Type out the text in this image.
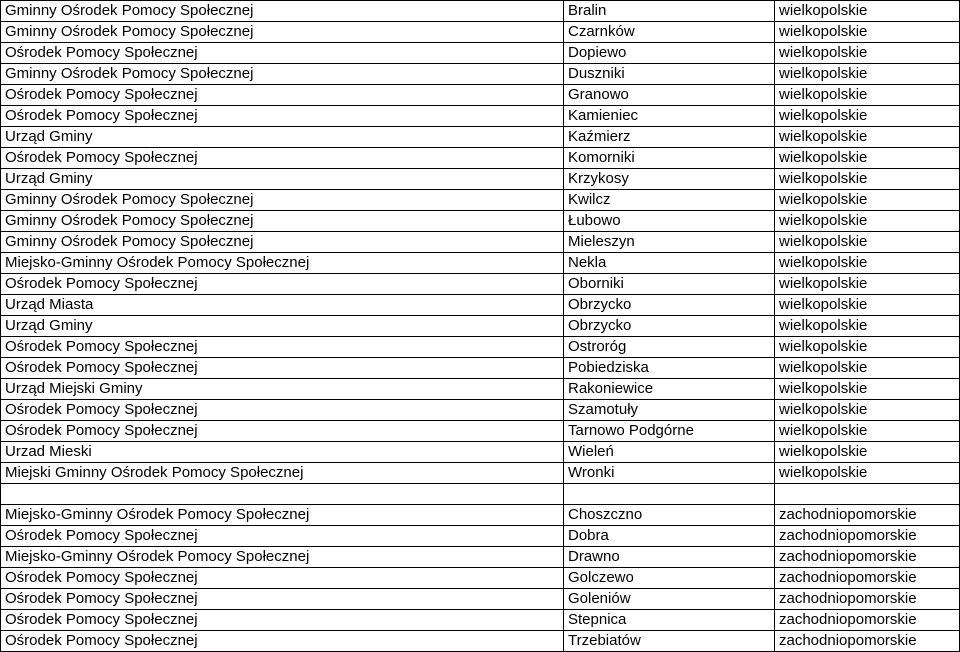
Gminny Ośrodek Pomocy Społecznej	Bralin	wielkopolskie
Gminny Ośrodek Pomocy Społecznej	Czarnków	wielkopolskie
Ośrodek Pomocy Społecznej	Dopiewo	wielkopolskie
Gminny Ośrodek Pomocy Społecznej	Duszniki	wielkopolskie
Ośrodek Pomocy Społecznej	Granowo	wielkopolskie
Ośrodek Pomocy Społecznej	Kamieniec	wielkopolskie
Urząd Gminy	Kaźmierz	wielkopolskie
Ośrodek Pomocy Społecznej	Komorniki	wielkopolskie
Urząd Gminy	Krzykosy	wielkopolskie
Gminny Ośrodek Pomocy Społecznej	Kwilcz	wielkopolskie
Gminny Ośrodek Pomocy Społecznej	Łubowo	wielkopolskie
Gminny Ośrodek Pomocy Społecznej	Mieleszyn	wielkopolskie
Miejsko-Gminny Ośrodek Pomocy Społecznej	Nekla	wielkopolskie
Ośrodek Pomocy Społecznej	Oborniki	wielkopolskie
Urząd Miasta	Obrzycko	wielkopolskie
Urząd Gminy	Obrzycko	wielkopolskie
Ośrodek Pomocy Społecznej	Ostroróg	wielkopolskie
Ośrodek Pomocy Społecznej	Pobiedziska	wielkopolskie
Urząd Miejski Gminy	Rakoniewice	wielkopolskie
Ośrodek Pomocy Społecznej	Szamotuły	wielkopolskie
Ośrodek Pomocy Społecznej	Tarnowo Podgórne	wielkopolskie
Urzad Mieski	Wieleń	wielkopolskie
Miejski Gminny Ośrodek Pomocy Społecznej	Wronki	wielkopolskie

Miejsko-Gminny Ośrodek Pomocy Społecznej	Choszczno	zachodniopomorskie
Ośrodek Pomocy Społecznej	Dobra	zachodniopomorskie
Miejsko-Gminny Ośrodek Pomocy Społecznej	Drawno	zachodniopomorskie
Ośrodek Pomocy Społecznej	Golczewo	zachodniopomorskie
Ośrodek Pomocy Społecznej	Goleniów	zachodniopomorskie
Ośrodek Pomocy Społecznej	Stepnica	zachodniopomorskie
Ośrodek Pomocy Społecznej	Trzebiatów	zachodniopomorskie
